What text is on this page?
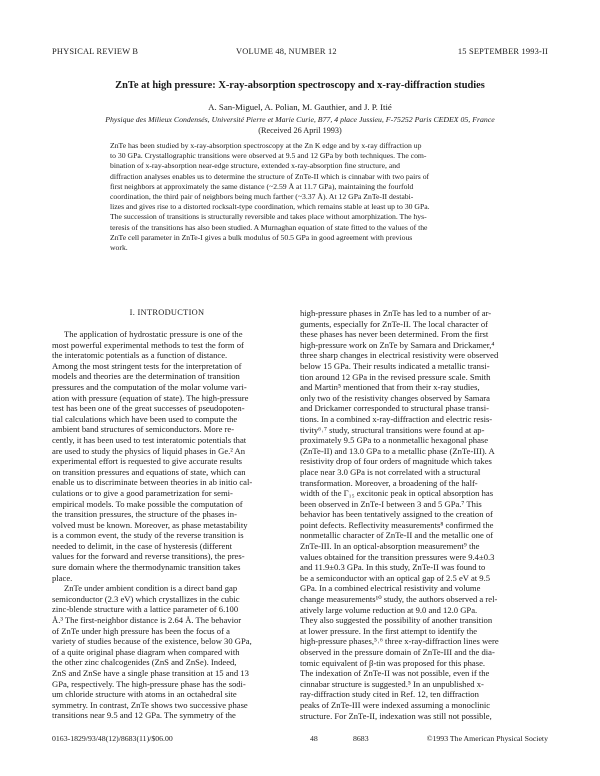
PHYSICAL REVIEW B	VOLUME 48, NUMBER 12	15 SEPTEMBER 1993-II
ZnTe at high pressure: X-ray-absorption spectroscopy and x-ray-diffraction studies
A. San-Miguel, A. Polian, M. Gauthier, and J. P. Itié
Physique des Milieux Condensés, Université Pierre et Marie Curie, B77, 4 place Jussieu, F-75252 Paris CEDEX 05, France
(Received 26 April 1993)
ZnTe has been studied by x-ray-absorption spectroscopy at the Zn K edge and by x-ray diffraction up
to 30 GPa. Crystallographic transitions were observed at 9.5 and 12 GPa by both techniques. The com-
bination of x-ray-absorption near-edge structure, extended x-ray-absorption fine structure, and
diffraction analyses enables us to determine the structure of ZnTe-II which is cinnabar with two pairs of
first neighbors at approximately the same distance (~2.59 Å at 11.7 GPa), maintaining the fourfold
coordination, the third pair of neighbors being much farther (~3.37 Å). At 12 GPa ZnTe-II destabi-
lizes and gives rise to a distorted rocksalt-type coordination, which remains stable at least up to 30 GPa.
The succession of transitions is structurally reversible and takes place without amorphization. The hys-
teresis of the transitions has also been studied. A Murnaghan equation of state fitted to the values of the
ZnTe cell parameter in ZnTe-I gives a bulk modulus of 50.5 GPa in good agreement with previous
work.
I. INTRODUCTION
The application of hydrostatic pressure is one of the
most powerful experimental methods to test the form of
the interatomic potentials as a function of distance.
Among the most stringent tests for the interpretation of
models and theories are the determination of transition
pressures and the computation of the molar volume vari-
ation with pressure (equation of state). The high-pressure
test has been one of the great successes of pseudopoten-
tial calculations which have been used to compute the
ambient band structures of semiconductors. More re-
cently, it has been used to test interatomic potentials that
are used to study the physics of liquid phases in Ge.² An
experimental effort is requested to give accurate results
on transition pressures and equations of state, which can
enable us to discriminate between theories in ab initio cal-
culations or to give a good parametrization for semi-
empirical models. To make possible the computation of
the transition pressures, the structure of the phases in-
volved must be known. Moreover, as phase metastability
is a common event, the study of the reverse transition is
needed to delimit, in the case of hysteresis (different
values for the forward and reverse transitions), the pres-
sure domain where the thermodynamic transition takes
place.
ZnTe under ambient condition is a direct band gap
semiconductor (2.3 eV) which crystallizes in the cubic
zinc-blende structure with a lattice parameter of 6.100
Å.³ The first-neighbor distance is 2.64 Å. The behavior
of ZnTe under high pressure has been the focus of a
variety of studies because of the existence, below 30 GPa,
of a quite original phase diagram when compared with
the other zinc chalcogenides (ZnS and ZnSe). Indeed,
ZnS and ZnSe have a single phase transition at 15 and 13
GPa, respectively. The high-pressure phase has the sodi-
um chloride structure with atoms in an octahedral site
symmetry. In contrast, ZnTe shows two successive phase
transitions near 9.5 and 12 GPa. The symmetry of the
high-pressure phases in ZnTe has led to a number of ar-
guments, especially for ZnTe-II. The local character of
these phases has never been determined. From the first
high-pressure work on ZnTe by Samara and Drickamer,⁴
three sharp changes in electrical resistivity were observed
below 15 GPa. Their results indicated a metallic transi-
tion around 12 GPa in the revised pressure scale. Smith
and Martin⁵ mentioned that from their x-ray studies,
only two of the resistivity changes observed by Samara
and Drickamer corresponded to structural phase transi-
tions. In a combined x-ray-diffraction and electric resis-
tivity⁶˒⁷ study, structural transitions were found at ap-
proximately 9.5 GPa to a nonmetallic hexagonal phase
(ZnTe-II) and 13.0 GPa to a metallic phase (ZnTe-III). A
resistivity drop of four orders of magnitude which takes
place near 3.0 GPa is not correlated with a structural
transformation. Moreover, a broadening of the half-
width of the Γ₁₅ excitonic peak in optical absorption has
been observed in ZnTe-I between 3 and 5 GPa.⁷ This
behavior has been tentatively assigned to the creation of
point defects. Reflectivity measurements⁸ confirmed the
nonmetallic character of ZnTe-II and the metallic one of
ZnTe-III. In an optical-absorption measurement⁹ the
values obtained for the transition pressures were 9.4±0.3
and 11.9±0.3 GPa. In this study, ZnTe-II was found to
be a semiconductor with an optical gap of 2.5 eV at 9.5
GPa. In a combined electrical resistivity and volume
change measurements¹⁰ study, the authors observed a rel-
atively large volume reduction at 9.0 and 12.0 GPa.
They also suggested the possibility of another transition
at lower pressure. In the first attempt to identify the
high-pressure phases,⁵˒⁶ three x-ray-diffraction lines were
observed in the pressure domain of ZnTe-III and the dia-
tomic equivalent of β-tin was proposed for this phase.
The indexation of ZnTe-II was not possible, even if the
cinnabar structure is suggested.⁵ In an unpublished x-
ray-diffraction study cited in Ref. 12, ten diffraction
peaks of ZnTe-III were indexed assuming a monoclinic
structure. For ZnTe-II, indexation was still not possible,
0163-1829/93/48(12)/8683(11)/$06.00	48	8683	©1993 The American Physical Society
